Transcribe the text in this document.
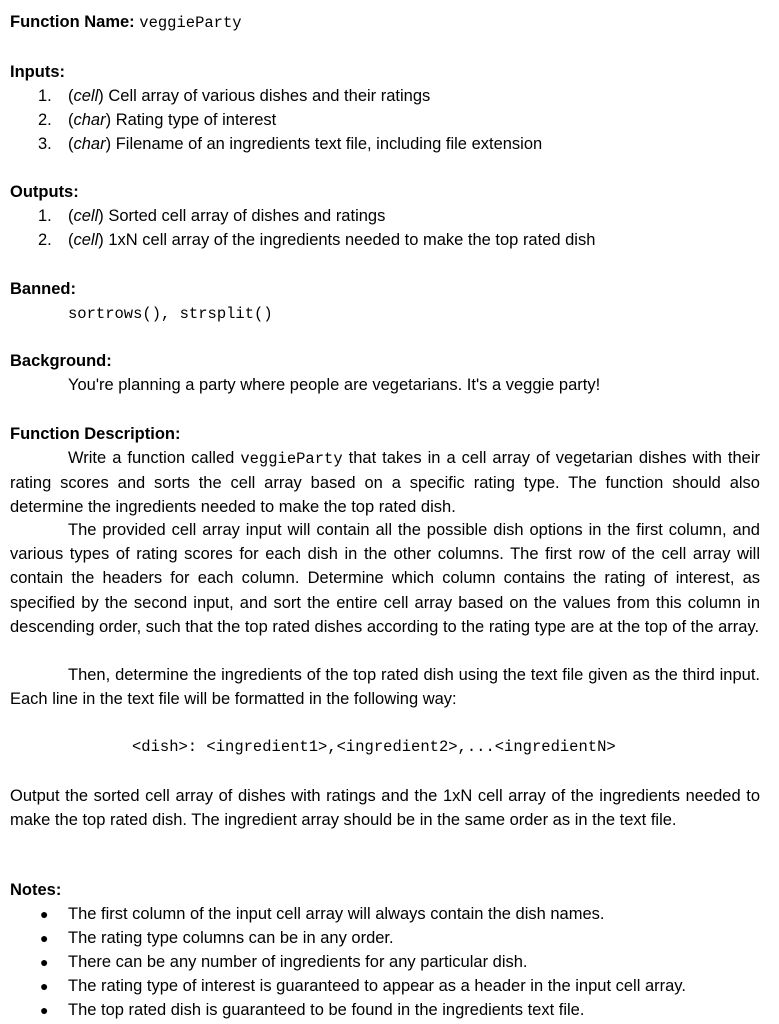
Function Name: veggieParty
Inputs:
1. (cell) Cell array of various dishes and their ratings
2. (char) Rating type of interest
3. (char) Filename of an ingredients text file, including file extension
Outputs:
1. (cell) Sorted cell array of dishes and ratings
2. (cell) 1xN cell array of the ingredients needed to make the top rated dish
Banned:
sortrows(), strsplit()
Background:
You're planning a party where people are vegetarians. It's a veggie party!
Function Description:

Write a function called veggieParty that takes in a cell array of vegetarian dishes with their rating scores and sorts the cell array based on a specific rating type. The function should also determine the ingredients needed to make the top rated dish.

The provided cell array input will contain all the possible dish options in the first column, and various types of rating scores for each dish in the other columns. The first row of the cell array will contain the headers for each column. Determine which column contains the rating of interest, as specified by the second input, and sort the entire cell array based on the values from this column in descending order, such that the top rated dishes according to the rating type are at the top of the array.

Then, determine the ingredients of the top rated dish using the text file given as the third input. Each line in the text file will be formatted in the following way:

<dish>: <ingredient1>,<ingredient2>,...<ingredientN>

Output the sorted cell array of dishes with ratings and the 1xN cell array of the ingredients needed to make the top rated dish. The ingredient array should be in the same order as in the text file.

Notes:
● The first column of the input cell array will always contain the dish names.
● The rating type columns can be in any order.
● There can be any number of ingredients for any particular dish.
● The rating type of interest is guaranteed to appear as a header in the input cell array.
● The top rated dish is guaranteed to be found in the ingredients text file.
